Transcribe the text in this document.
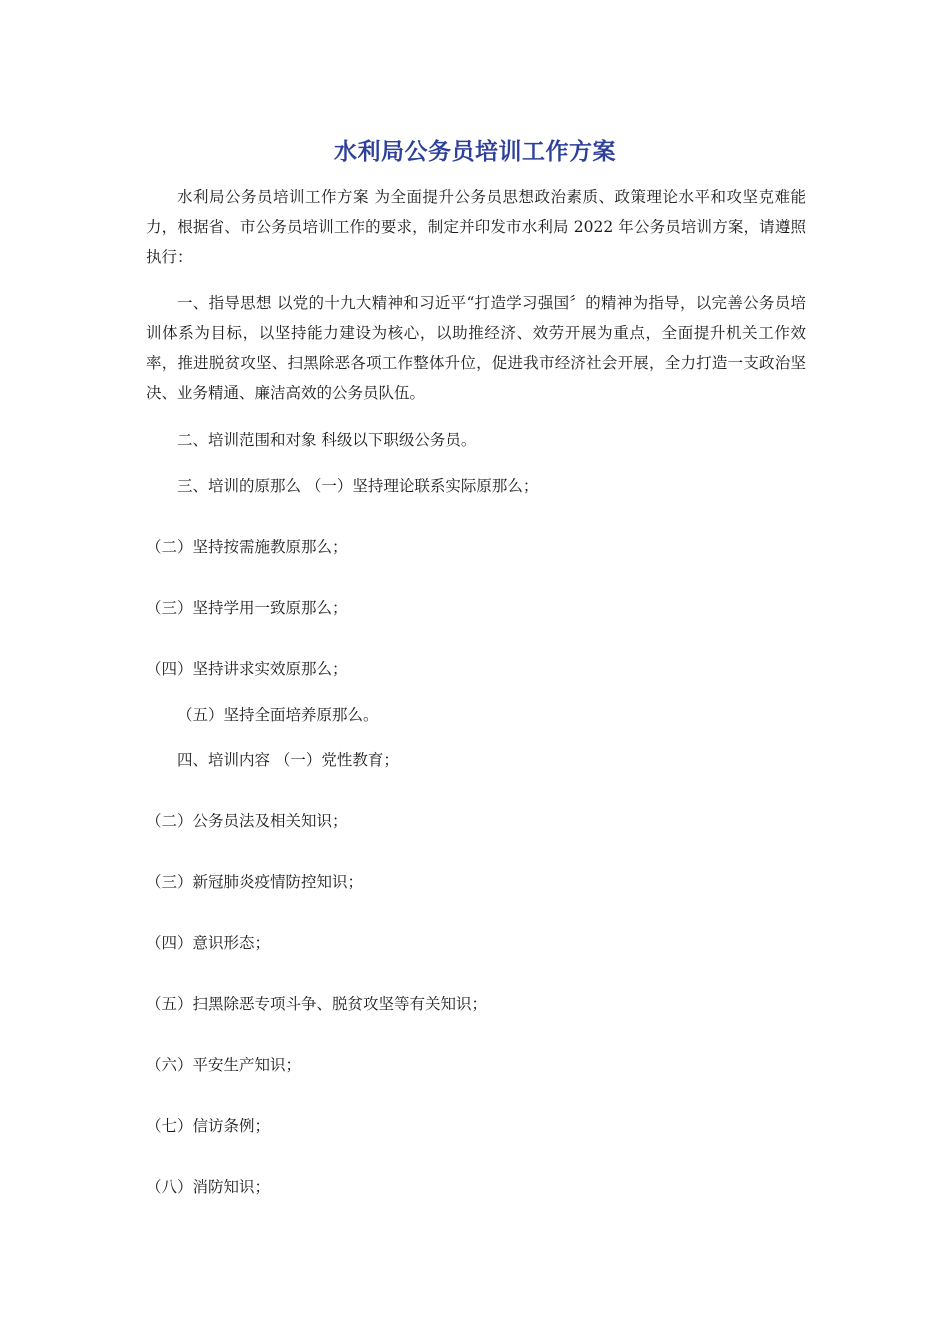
水利局公务员培训工作方案
水利局公务员培训工作方案 为全面提升公务员思想政治素质、政策理论水平和攻坚克难能力，根据省、市公务员培训工作的要求，制定并印发市水利局 2022 年公务员培训方案，请遵照执行：
一、指导思想 以党的十九大精神和习近平“打造学习强国〞的精神为指导，以完善公务员培训体系为目标，以坚持能力建设为核心，以助推经济、效劳开展为重点，全面提升机关工作效率，推进脱贫攻坚、扫黑除恶各项工作整体升位，促进我市经济社会开展，全力打造一支政治坚决、业务精通、廉洁高效的公务员队伍。
二、培训范围和对象 科级以下职级公务员。
三、培训的原那么 （一）坚持理论联系实际原那么；
（二）坚持按需施教原那么；
（三）坚持学用一致原那么；
（四）坚持讲求实效原那么；
（五）坚持全面培养原那么。
四、培训内容 （一）党性教育；
（二）公务员法及相关知识；
（三）新冠肺炎疫情防控知识；
（四）意识形态；
（五）扫黑除恶专项斗争、脱贫攻坚等有关知识；
（六）平安生产知识；
（七）信访条例；
（八）消防知识；
